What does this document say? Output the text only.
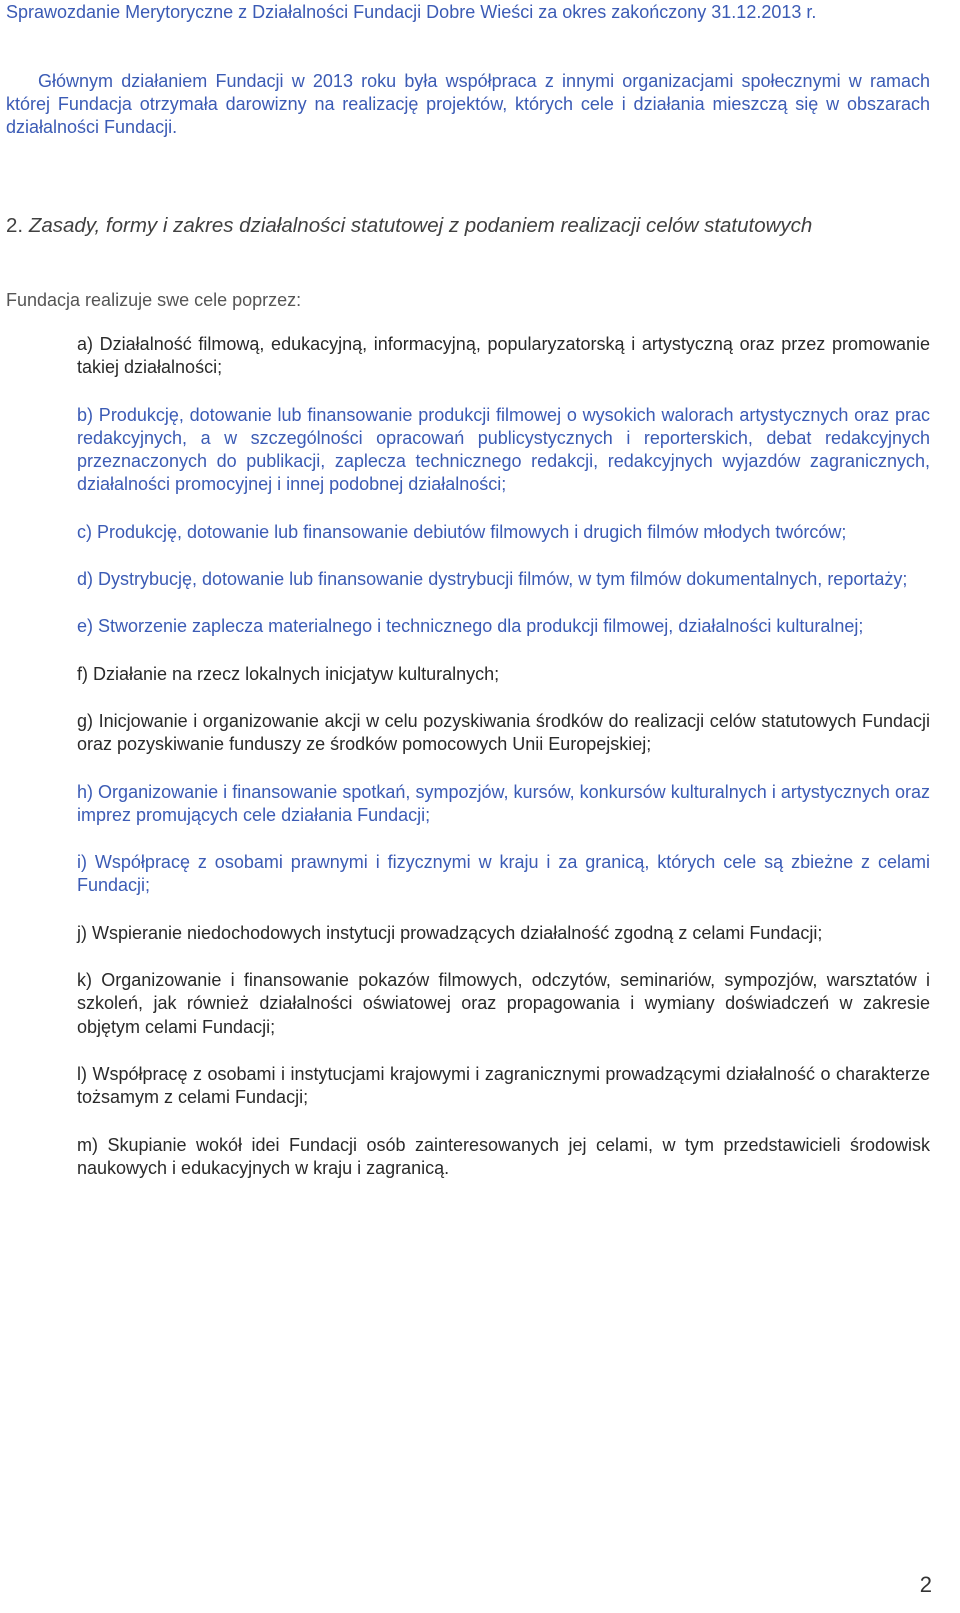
Sprawozdanie Merytoryczne z Działalności Fundacji Dobre Wieści za okres zakończony 31.12.2013 r.

Głównym działaniem Fundacji w 2013 roku była współpraca z innymi organizacjami społecznymi w ramach której Fundacja otrzymała darowizny na realizację projektów, których cele i działania mieszczą się w obszarach działalności Fundacji.

2. Zasady, formy i zakres działalności statutowej z podaniem realizacji celów statutowych
Fundacja realizuje swe cele poprzez:

a) Działalność filmową, edukacyjną, informacyjną, popularyzatorską i artystyczną oraz przez promowanie takiej działalności;

b) Produkcję, dotowanie lub finansowanie produkcji filmowej o wysokich walorach artystycznych oraz prac redakcyjnych, a w szczególności opracowań publicystycznych i reporterskich, debat redakcyjnych przeznaczonych do publikacji, zaplecza technicznego redakcji, redakcyjnych wyjazdów zagranicznych, działalności promocyjnej i innej podobnej działalności;

c) Produkcję, dotowanie lub finansowanie debiutów filmowych i drugich filmów młodych twórców;

d) Dystrybucję, dotowanie lub finansowanie dystrybucji filmów, w tym filmów dokumentalnych, reportaży;

e) Stworzenie zaplecza materialnego i technicznego dla produkcji filmowej, działalności kulturalnej;

f) Działanie na rzecz lokalnych inicjatyw kulturalnych;

g) Inicjowanie i organizowanie akcji w celu pozyskiwania środków do realizacji celów statutowych Fundacji oraz pozyskiwanie funduszy ze środków pomocowych Unii Europejskiej;

h) Organizowanie i finansowanie spotkań, sympozjów, kursów, konkursów kulturalnych i artystycznych oraz imprez promujących cele działania Fundacji;

i) Współpracę z osobami prawnymi i fizycznymi w kraju i za granicą, których cele są zbieżne z celami Fundacji;

j) Wspieranie niedochodowych instytucji prowadzących działalność zgodną z celami Fundacji;

k) Organizowanie i finansowanie pokazów filmowych, odczytów, seminariów, sympozjów, warsztatów i szkoleń, jak również działalności oświatowej oraz propagowania i wymiany doświadczeń w zakresie objętym celami Fundacji;

l) Współpracę z osobami i instytucjami krajowymi i zagranicznymi prowadzącymi działalność o charakterze tożsamym z celami Fundacji;

m) Skupianie wokół idei Fundacji osób zainteresowanych jej celami, w tym przedstawicieli środowisk naukowych i edukacyjnych w kraju i zagranicą.

2
